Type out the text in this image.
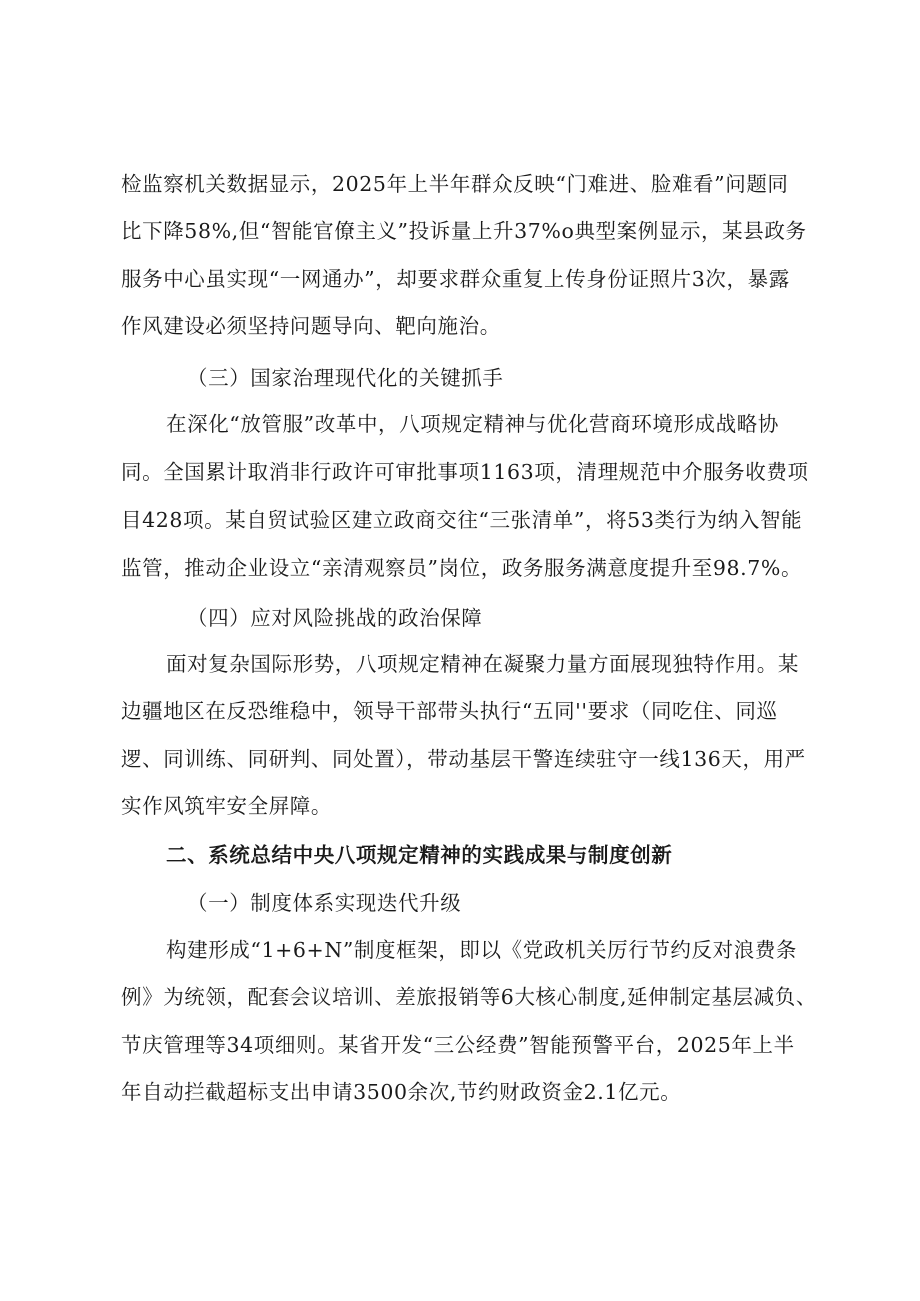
检监察机关数据显示，2025年上半年群众反映“门难进、脸难看”问题同
比下降58%,但“智能官僚主义”投诉量上升37%o典型案例显示，某县政务
服务中心虽实现“一网通办”，却要求群众重复上传身份证照片3次，暴露
作风建设必须坚持问题导向、靶向施治。
（三）国家治理现代化的关键抓手
在深化“放管服”改革中，八项规定精神与优化营商环境形成战略协
同。全国累计取消非行政许可审批事项1163项，清理规范中介服务收费项
目428项。某自贸试验区建立政商交往“三张清单”，将53类行为纳入智能
监管，推动企业设立“亲清观察员”岗位，政务服务满意度提升至98.7%。
（四）应对风险挑战的政治保障
面对复杂国际形势，八项规定精神在凝聚力量方面展现独特作用。某
边疆地区在反恐维稳中，领导干部带头执行“五同''要求（同吃住、同巡
逻、同训练、同研判、同处置），带动基层干警连续驻守一线136天，用严
实作风筑牢安全屏障。
二、系统总结中央八项规定精神的实践成果与制度创新
（一）制度体系实现迭代升级
构建形成“1+6+N”制度框架，即以《党政机关厉行节约反对浪费条
例》为统领，配套会议培训、差旅报销等6大核心制度,延伸制定基层减负、
节庆管理等34项细则。某省开发“三公经费”智能预警平台，2025年上半
年自动拦截超标支出申请3500余次,节约财政资金2.1亿元。
